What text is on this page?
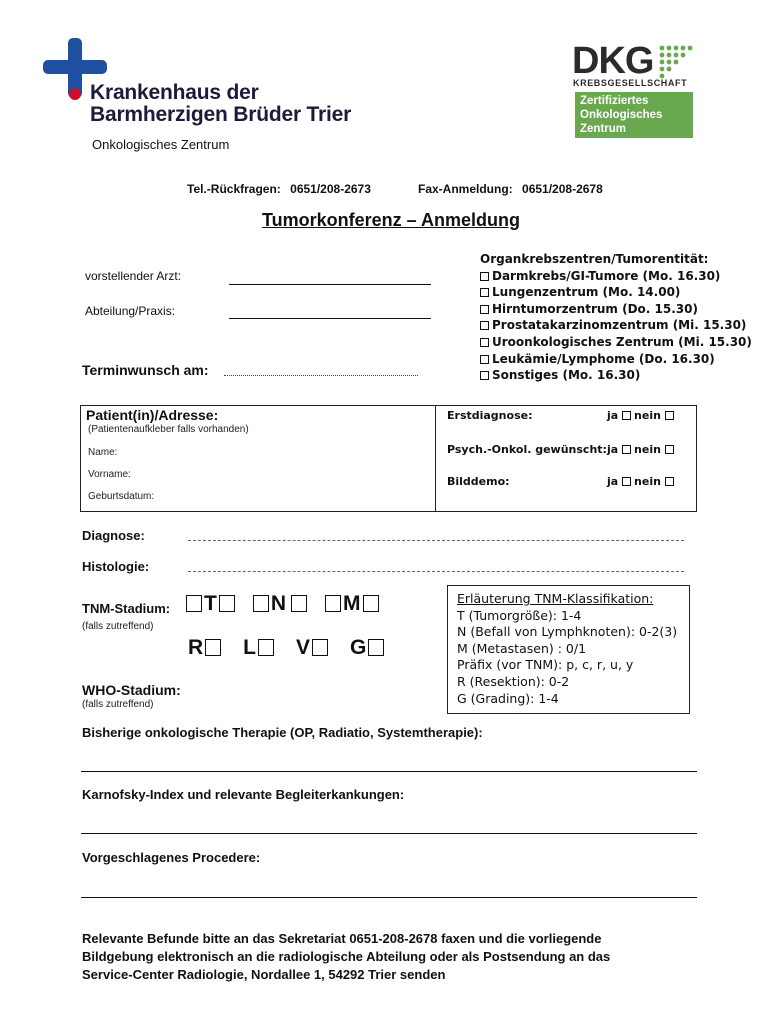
Krankenhaus der
Barmherzigen Brüder Trier
Onkologisches Zentrum
DKG
KREBSGESELLSCHAFT
Zertifiziertes
Onkologisches
Zentrum
Tel.-Rückfragen: 0651/208-2673	Fax-Anmeldung: 0651/208-2678
Tumorkonferenz – Anmeldung
vorstellender Arzt:
Abteilung/Praxis:
Terminwunsch am:
Organkrebszentren/Tumorentität:
Darmkrebs/GI-Tumore (Mo. 16.30)
Lungenzentrum (Mo. 14.00)
Hirntumorzentrum (Do. 15.30)
Prostatakarzinomzentrum (Mi. 15.30)
Uroonkologisches Zentrum (Mi. 15.30)
Leukämie/Lymphome (Do. 16.30)
Sonstiges (Mo. 16.30)
Patient(in)/Adresse:
(Patientenaufkleber falls vorhanden)
Name:
Vorname:
Geburtsdatum:
Erstdiagnose:	ja nein
Psych.-Onkol. gewünscht: ja nein
Bilddemo:	ja nein
Diagnose:
Histologie:
TNM-Stadium:
(falls zutreffend)
T	N	M
R L V G
WHO-Stadium:
(falls zutreffend)
Erläuterung TNM-Klassifikation:
T (Tumorgröße): 1-4
N (Befall von Lymphknoten): 0-2(3)
M (Metastasen) : 0/1
Präfix (vor TNM): p, c, r, u, y
R (Resektion): 0-2
G (Grading): 1-4
Bisherige onkologische Therapie (OP, Radiatio, Systemtherapie):
Karnofsky-Index und relevante Begleiterkankungen:
Vorgeschlagenes Procedere:
Relevante Befunde bitte an das Sekretariat 0651-208-2678 faxen und die vorliegende
Bildgebung elektronisch an die radiologische Abteilung oder als Postsendung an das
Service-Center Radiologie, Nordallee 1, 54292 Trier senden
